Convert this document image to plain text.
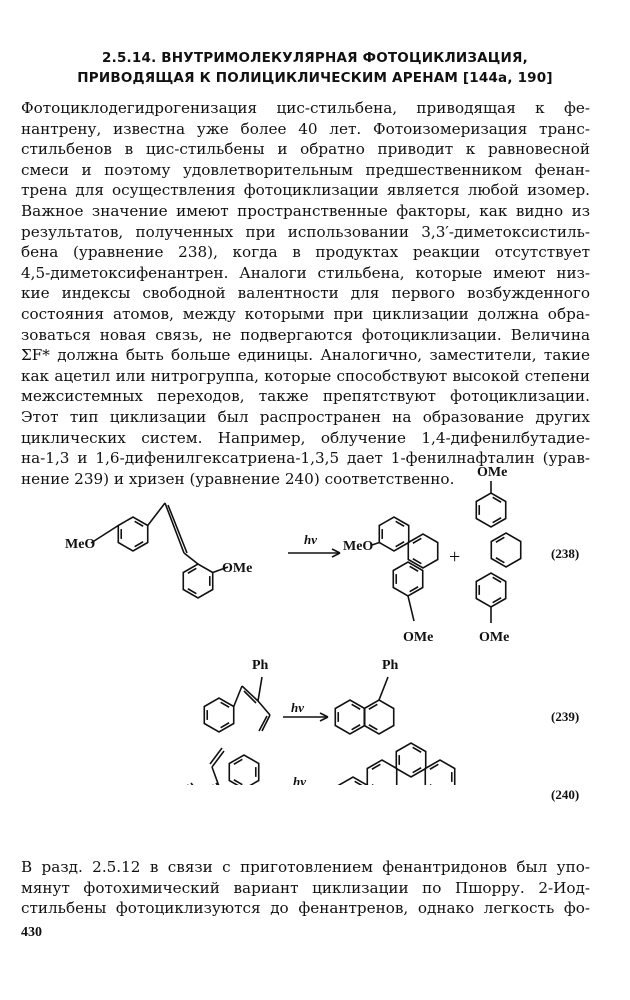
2.5.14. ВНУТРИМОЛЕКУЛЯРНАЯ ФОТОЦИКЛИЗАЦИЯ,
ПРИВОДЯЩАЯ К ПОЛИЦИКЛИЧЕСКИМ АРЕНАМ [144а, 190]
Фотоциклодегидрогенизация цис-стильбена, приводящая к фе-
нантрену, известна уже более 40 лет. Фотоизомеризация транс-
стильбенов в цис-стильбены и обратно приводит к равновесной
смеси и поэтому удовлетворительным предшественником фенан-
трена для осуществления фотоциклизации является любой изомер.
Важное значение имеют пространственные факторы, как видно из
результатов, полученных при использовании 3,3′-диметоксистиль-
бена (уравнение 238), когда в продуктах реакции отсутствует
4,5-диметоксифенантрен. Аналоги стильбена, которые имеют низ-
кие индексы свободной валентности для первого возбужденного
состояния атомов, между которыми при циклизации должна обра-
зоваться новая связь, не подвергаются фотоциклизации. Величина
ΣF* должна быть больше единицы. Аналогично, заместители, такие
как ацетил или нитрогруппа, которые способствуют высокой степени
межсистемных переходов, также препятствуют фотоциклизации.
Этот тип циклизации был распространен на образование других
циклических систем. Например, облучение 1,4-дифенилбутадие-
на-1,3 и 1,6-дифенилгексатриена-1,3,5 дает 1-фенилнафталин (урав-
нение 239) и хризен (уравнение 240) соответственно.
MeO
OMe
hν MeO
OMe
+
OMe
OMe
Ph
hν
Ph
hν
(238)
(239)
(240)
В разд. 2.5.12 в связи с приготовлением фенантридонов был упо-
мянут фотохимический вариант циклизации по Пшорру. 2-Иод-
стильбены фотоциклизуются до фенантренов, однако легкость фо-
430
